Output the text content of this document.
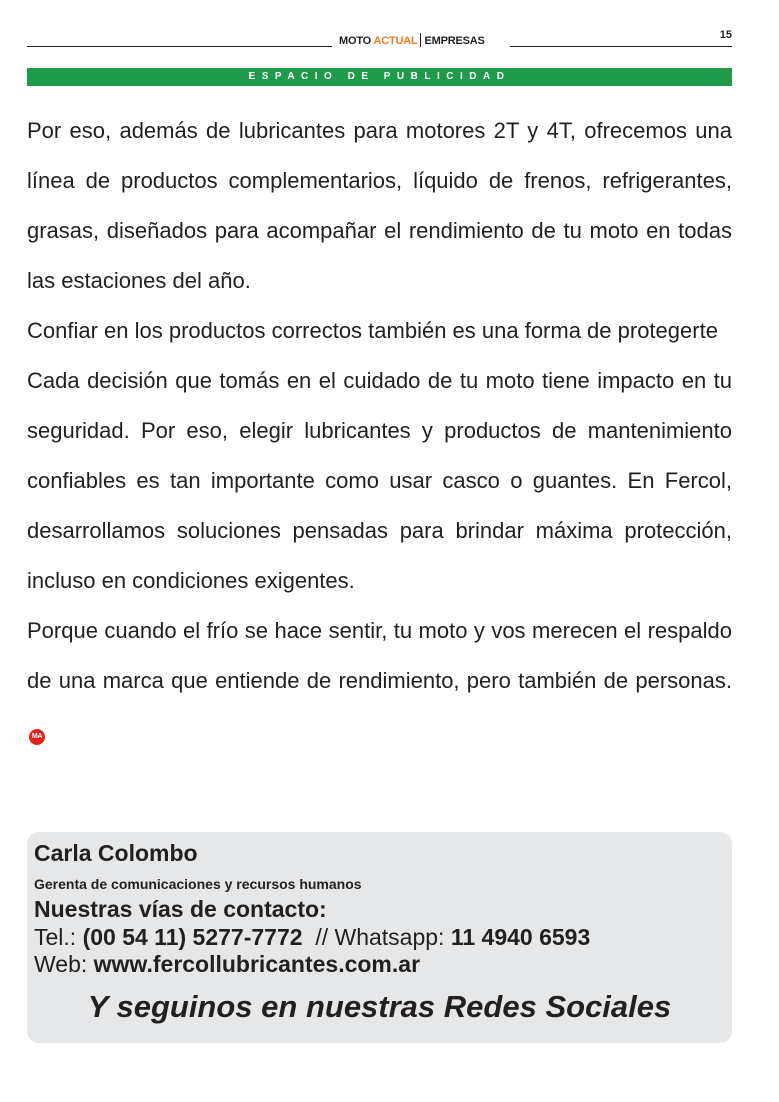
MOTO ACTUAL EMPRESAS	15
ESPACIO DE PUBLICIDAD

Por eso, además de lubricantes para motores 2T y 4T, ofrecemos una línea de productos complementarios, líquido de frenos, refrigerantes, grasas, diseñados para acompañar el rendimiento de tu moto en todas las estaciones del año.

Confiar en los productos correctos también es una forma de protegerte

Cada decisión que tomás en el cuidado de tu moto tiene impacto en tu seguridad. Por eso, elegir lubricantes y productos de mantenimiento confiables es tan importante como usar casco o guantes. En Fercol, desarrollamos soluciones pensadas para brindar máxima protección, incluso en condiciones exigentes.

Porque cuando el frío se hace sentir, tu moto y vos merecen el respaldo de una marca que entiende de rendimiento, pero también de personas.MA

Carla Colombo
Gerenta de comunicaciones y recursos humanos
Nuestras vías de contacto:
Tel.: (00 54 11) 5277-7772  // Whatsapp: 11 4940 6593
Web: www.fercollubricantes.com.ar
Y seguinos en nuestras Redes Sociales
